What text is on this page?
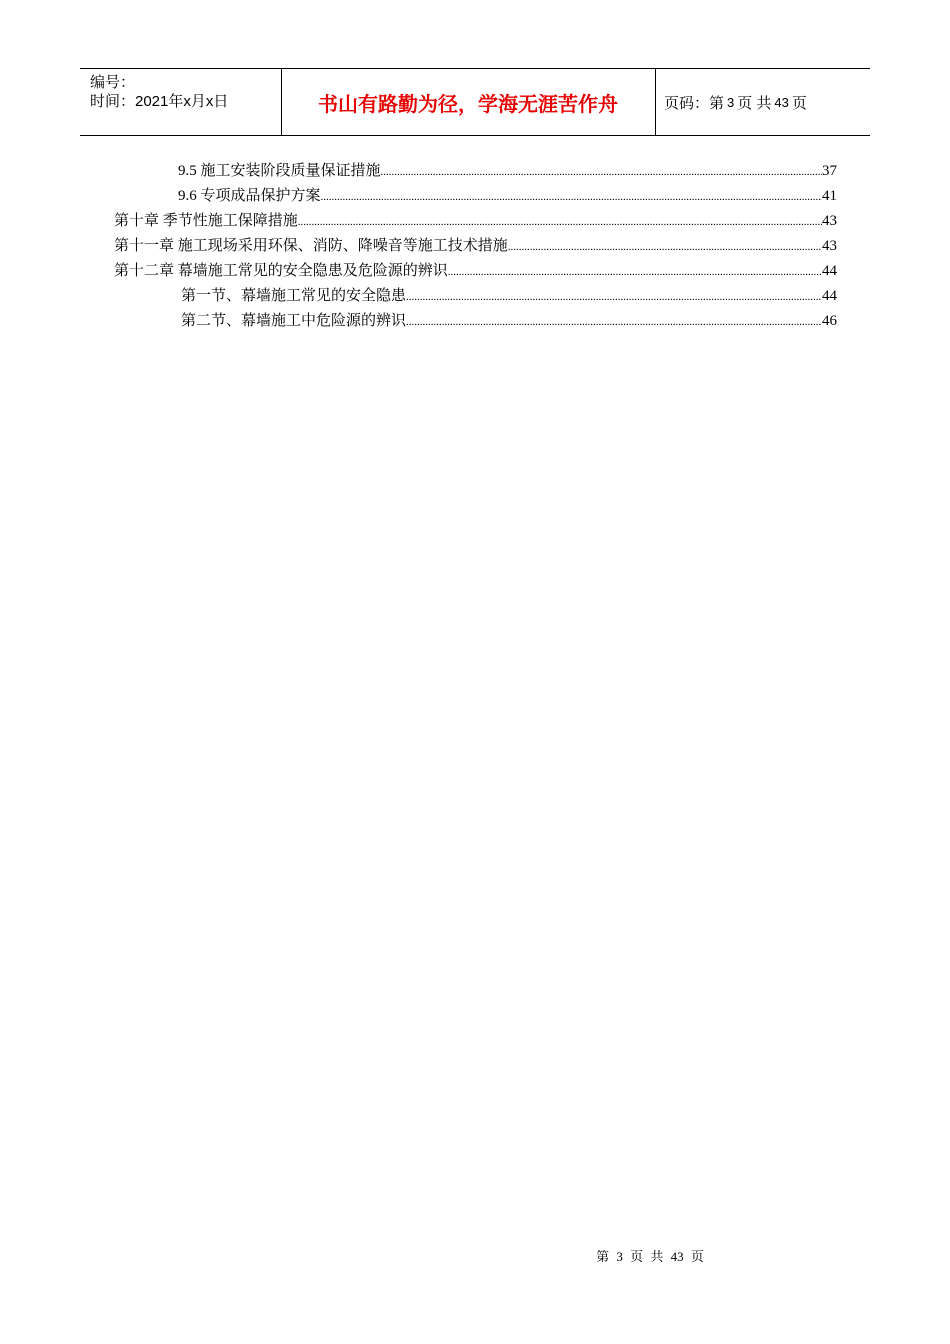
编号：
时间：2021年x月x日	书山有路勤为径，学海无涯苦作舟	页码：第 3 页 共 43 页
9.5 施工安装阶段质量保证措施 .....	37
9.6 专项成品保护方案 .....	41
第十章 季节性施工保障措施 .....	43
第十一章 施工现场采用环保、消防、降噪音等施工技术措施 .....	43
第十二章 幕墙施工常见的安全隐患及危险源的辨识 .....	44
第一节、幕墙施工常见的安全隐患 .....	44
第二节、幕墙施工中危险源的辨识 .....	46
第 3 页 共 43 页
